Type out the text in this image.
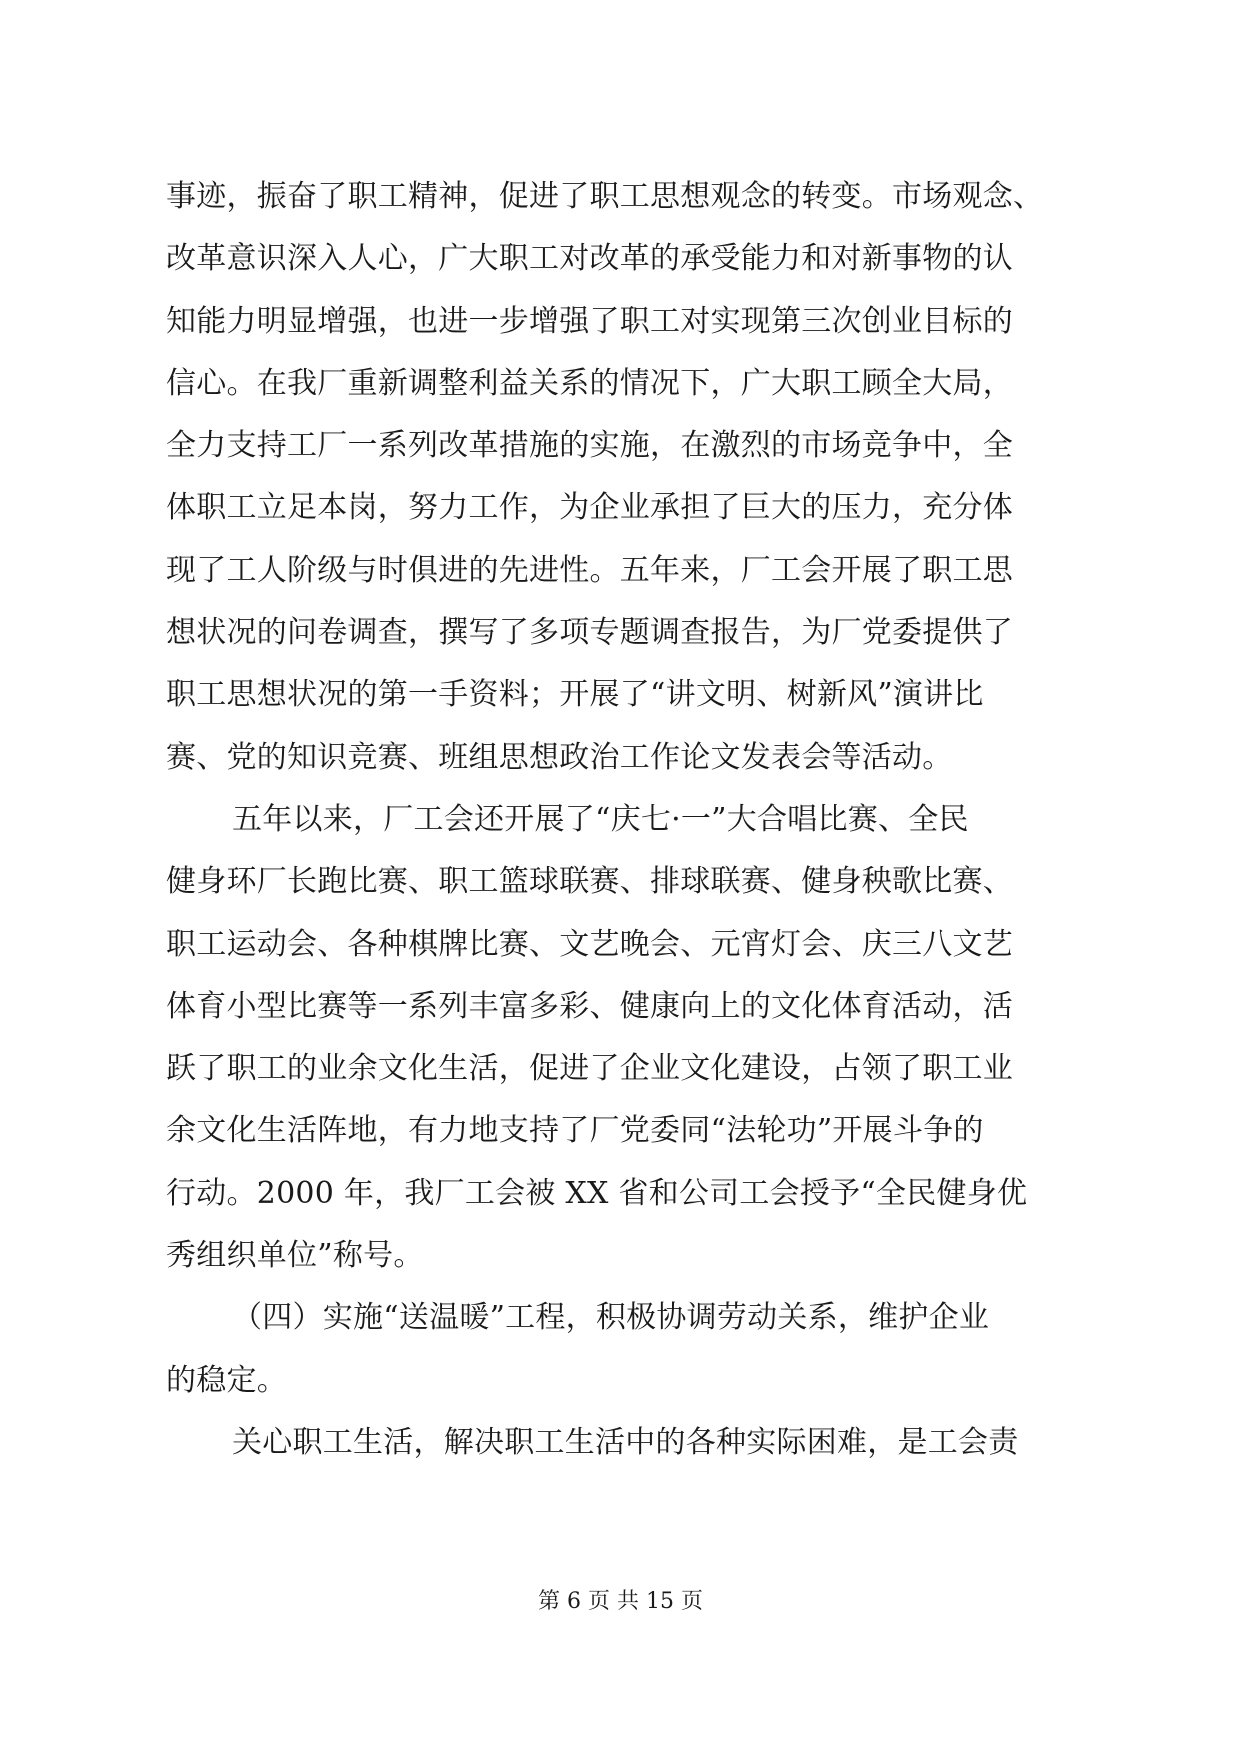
事迹，振奋了职工精神，促进了职工思想观念的转变。市场观念、
改革意识深入人心，广大职工对改革的承受能力和对新事物的认
知能力明显增强，也进一步增强了职工对实现第三次创业目标的
信心。在我厂重新调整利益关系的情况下，广大职工顾全大局，
全力支持工厂一系列改革措施的实施，在激烈的市场竞争中，全
体职工立足本岗，努力工作，为企业承担了巨大的压力，充分体
现了工人阶级与时俱进的先进性。五年来，厂工会开展了职工思
想状况的问卷调查，撰写了多项专题调查报告，为厂党委提供了
职工思想状况的第一手资料；开展了“讲文明、树新风”演讲比
赛、党的知识竞赛、班组思想政治工作论文发表会等活动。
五年以来，厂工会还开展了“庆七·一”大合唱比赛、全民
健身环厂长跑比赛、职工篮球联赛、排球联赛、健身秧歌比赛、
职工运动会、各种棋牌比赛、文艺晚会、元宵灯会、庆三八文艺
体育小型比赛等一系列丰富多彩、健康向上的文化体育活动，活
跃了职工的业余文化生活，促进了企业文化建设，占领了职工业
余文化生活阵地，有力地支持了厂党委同“法轮功”开展斗争的
行动。2000 年，我厂工会被 XX 省和公司工会授予“全民健身优
秀组织单位”称号。
（四）实施“送温暖”工程，积极协调劳动关系，维护企业
的稳定。
关心职工生活，解决职工生活中的各种实际困难，是工会责
第 6 页 共 15 页
